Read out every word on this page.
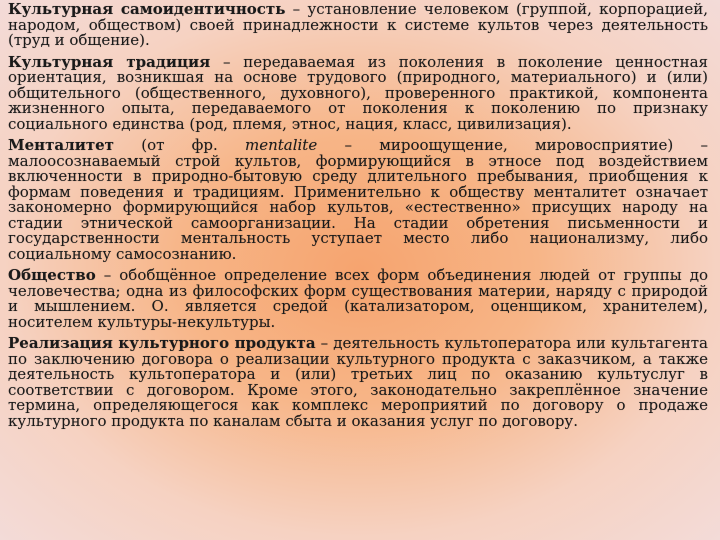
Культурная самоидентичность – установление человеком (группой, корпорацией, народом, обществом) своей принадлежности к системе культов через деятельность (труд и общение).

Культурная традиция – передаваемая из поколения в поколение ценностная ориентация, возникшая на основе трудового (природного, материального) и (или) общительного (общественного, духовного), проверенного практикой, компонента жизненного опыта, передаваемого от поколения к поколению по признаку социального единства (род, племя, этнос, нация, класс, цивилизация).

Менталитет (от фр. mentalite – мироощущение, мировосприятие) – малоосознаваемый строй культов, формирующийся в этносе под воздействием включенности в природно-бытовую среду длительного пребывания, приобщения к формам поведения и традициям. Применительно к обществу менталитет означает закономерно формирующийся набор культов, «естественно» присущих народу на стадии этнической самоорганизации. На стадии обретения письменности и государственности ментальность уступает место либо национализму, либо социальному самосознанию.

Общество – обобщённое определение всех форм объединения людей от группы до человечества; одна из философских форм существования материи, наряду с природой и мышлением. О. является средой (катализатором, оценщиком, хранителем), носителем культуры-некультуры.

Реализация культурного продукта – деятельность культоператора или культагента по заключению договора о реализации культурного продукта с заказчиком, а также деятельность культоператора и (или) третьих лиц по оказанию культуслуг в соответствии с договором. Кроме этого, законодательно закреплённое значение термина, определяющегося как комплекс мероприятий по договору о продаже культурного продукта по каналам сбыта и оказания услуг по договору.
